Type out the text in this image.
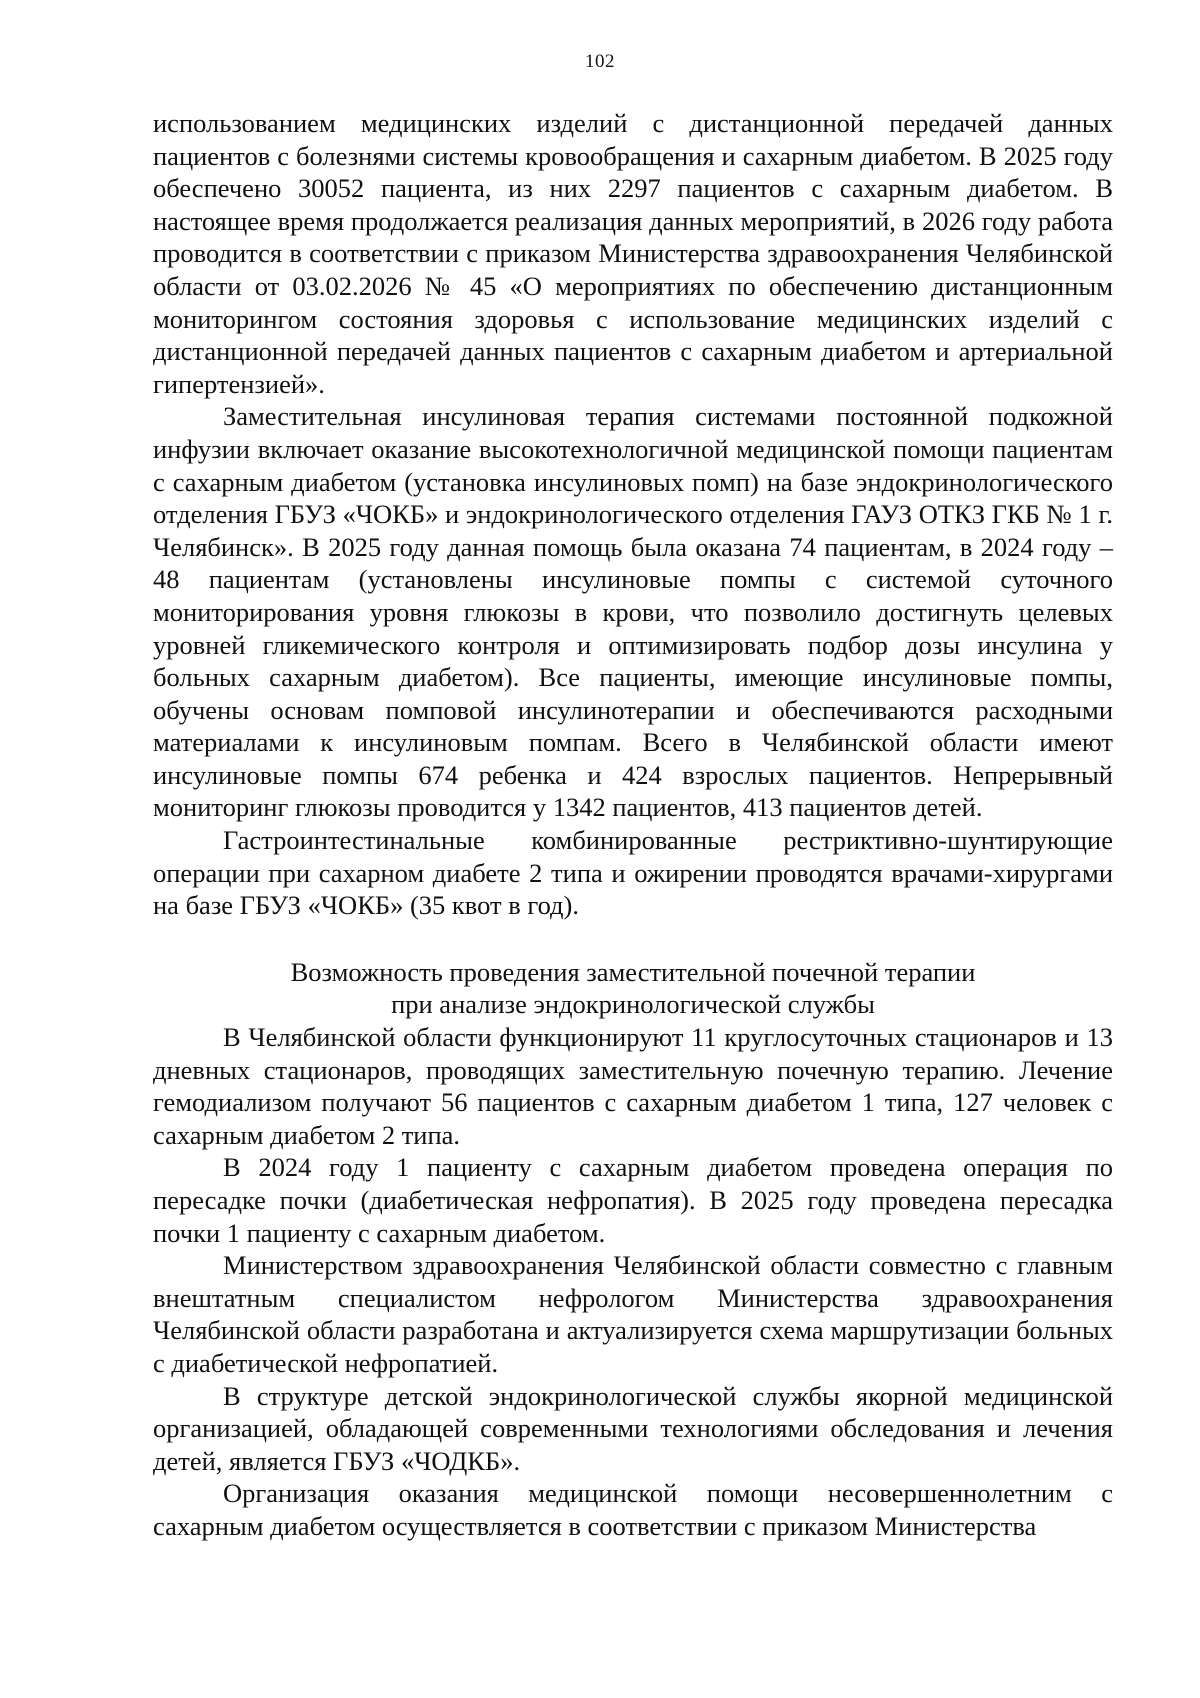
102

использованием медицинских изделий с дистанционной передачей данных пациентов с болезнями системы кровообращения и сахарным диабетом. В 2025 году обеспечено 30052 пациента, из них 2297 пациентов с сахарным диабетом. В настоящее время продолжается реализация данных мероприятий, в 2026 году работа проводится в соответствии с приказом Министерства здравоохранения Челябинской области от 03.02.2026 № 45 «О мероприятиях по обеспечению дистанционным мониторингом состояния здоровья с использование медицинских изделий с дистанционной передачей данных пациентов с сахарным диабетом и артериальной гипертензией».

Заместительная инсулиновая терапия системами постоянной подкожной инфузии включает оказание высокотехнологичной медицинской помощи пациентам с сахарным диабетом (установка инсулиновых помп) на базе эндокринологического отделения ГБУЗ «ЧОКБ» и эндокринологического отделения ГАУЗ ОТКЗ ГКБ № 1 г. Челябинск». В 2025 году данная помощь была оказана 74 пациентам, в 2024 году – 48 пациентам (установлены инсулиновые помпы с системой суточного мониторирования уровня глюкозы в крови, что позволило достигнуть целевых уровней гликемического контроля и оптимизировать подбор дозы инсулина у больных сахарным диабетом). Все пациенты, имеющие инсулиновые помпы, обучены основам помповой инсулинотерапии и обеспечиваются расходными материалами к инсулиновым помпам. Всего в Челябинской области имеют инсулиновые помпы 674 ребенка и 424 взрослых пациентов. Непрерывный мониторинг глюкозы проводится у 1342 пациентов, 413 пациентов детей.

Гастроинтестинальные комбинированные рестриктивно-шунтирующие операции при сахарном диабете 2 типа и ожирении проводятся врачами-хирургами на базе ГБУЗ «ЧОКБ» (35 квот в год).

Возможность проведения заместительной почечной терапии
при анализе эндокринологической службы

В Челябинской области функционируют 11 круглосуточных стационаров и 13 дневных стационаров, проводящих заместительную почечную терапию. Лечение гемодиализом получают 56 пациентов с сахарным диабетом 1 типа, 127 человек с сахарным диабетом 2 типа.

В 2024 году 1 пациенту с сахарным диабетом проведена операция по пересадке почки (диабетическая нефропатия). В 2025 году проведена пересадка почки 1 пациенту с сахарным диабетом.

Министерством здравоохранения Челябинской области совместно с главным внештатным специалистом нефрологом Министерства здравоохранения Челябинской области разработана и актуализируется схема маршрутизации больных с диабетической нефропатией.

В структуре детской эндокринологической службы якорной медицинской организацией, обладающей современными технологиями обследования и лечения детей, является ГБУЗ «ЧОДКБ».

Организация оказания медицинской помощи несовершеннолетним с сахарным диабетом осуществляется в соответствии с приказом Министерства
